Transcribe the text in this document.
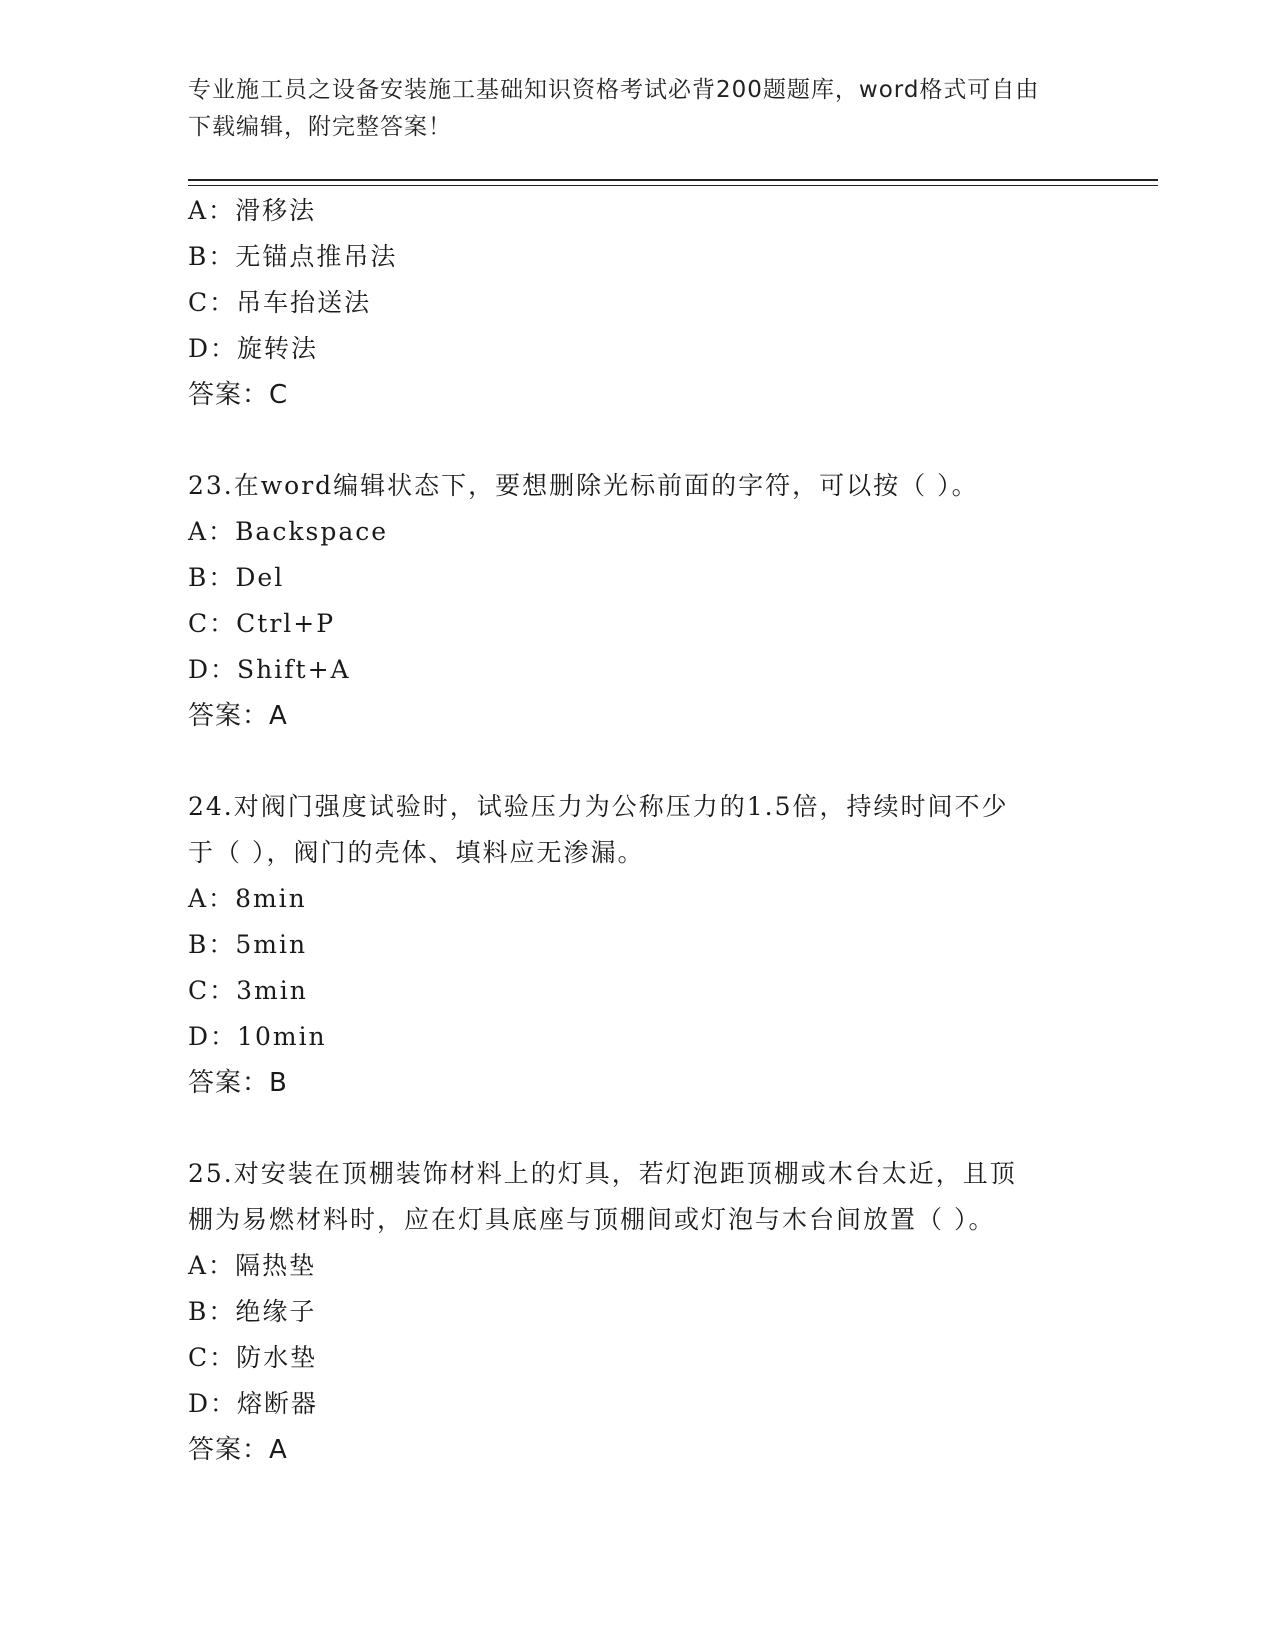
专业施工员之设备安装施工基础知识资格考试必背200题题库，word格式可自由
下载编辑，附完整答案！
A：滑移法
B：无锚点推吊法
C：吊车抬送法
D：旋转法
答案：C
23.在word编辑状态下，要想删除光标前面的字符，可以按（ ）。
A：Backspace
B：Del
C：Ctrl+P
D：Shift+A
答案：A
24.对阀门强度试验时，试验压力为公称压力的1.5倍，持续时间不少
于（ ），阀门的壳体、填料应无渗漏。
A：8min
B：5min
C：3min
D：10min
答案：B
25.对安装在顶棚装饰材料上的灯具，若灯泡距顶棚或木台太近，且顶
棚为易燃材料时，应在灯具底座与顶棚间或灯泡与木台间放置（ ）。
A：隔热垫
B：绝缘子
C：防水垫
D：熔断器
答案：A
